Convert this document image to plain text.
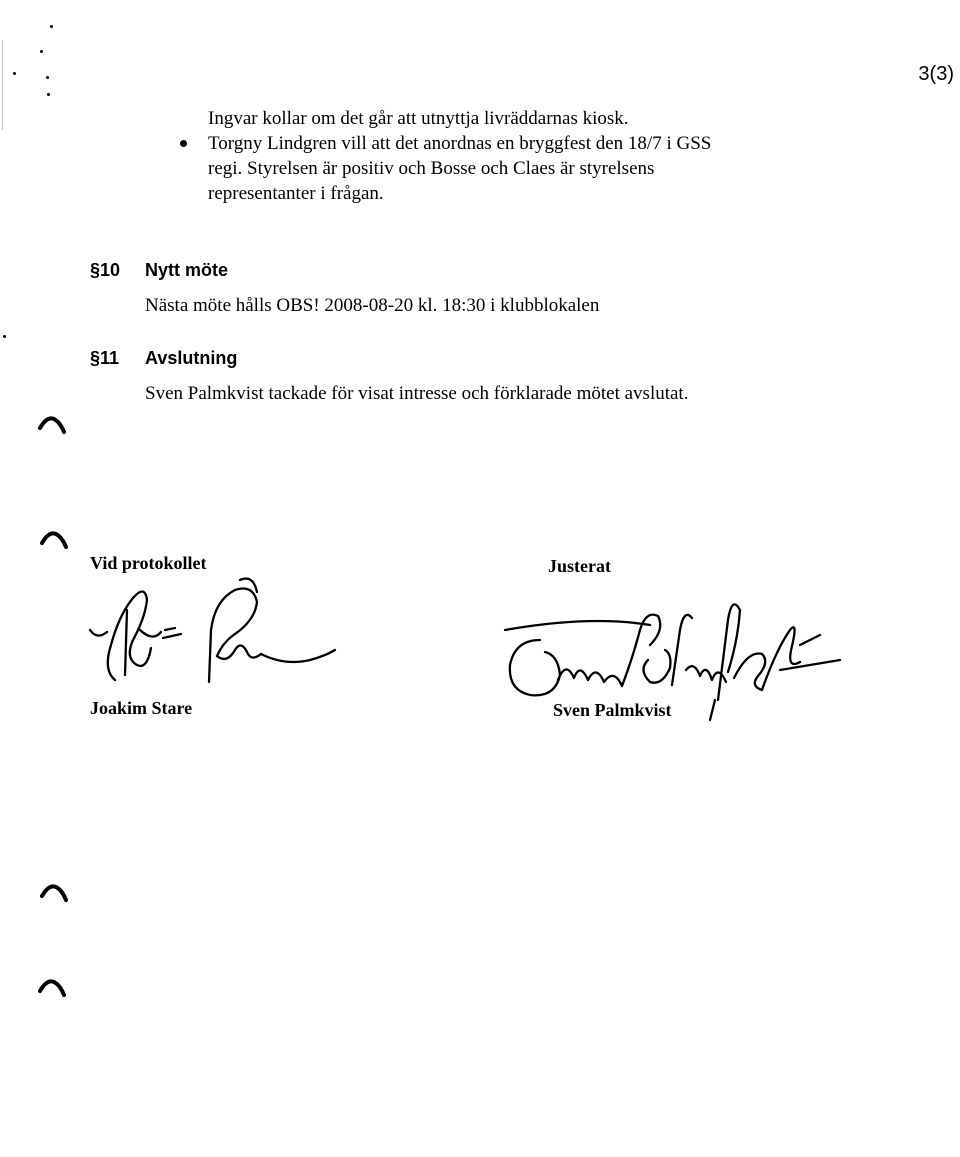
3(3)
Ingvar kollar om det går att utnyttja livräddarnas kiosk.
Torgny Lindgren vill att det anordnas en bryggfest den 18/7 i GSS
regi. Styrelsen är positiv och Bosse och Claes är styrelsens
representanter i frågan.
§10 Nytt möte
Nästa möte hålls OBS! 2008-08-20 kl. 18:30 i klubblokalen
§11 Avslutning
Sven Palmkvist tackade för visat intresse och förklarade mötet avslutat.
Vid protokollet
Joakim Stare
Justerat
Sven Palmkvist
